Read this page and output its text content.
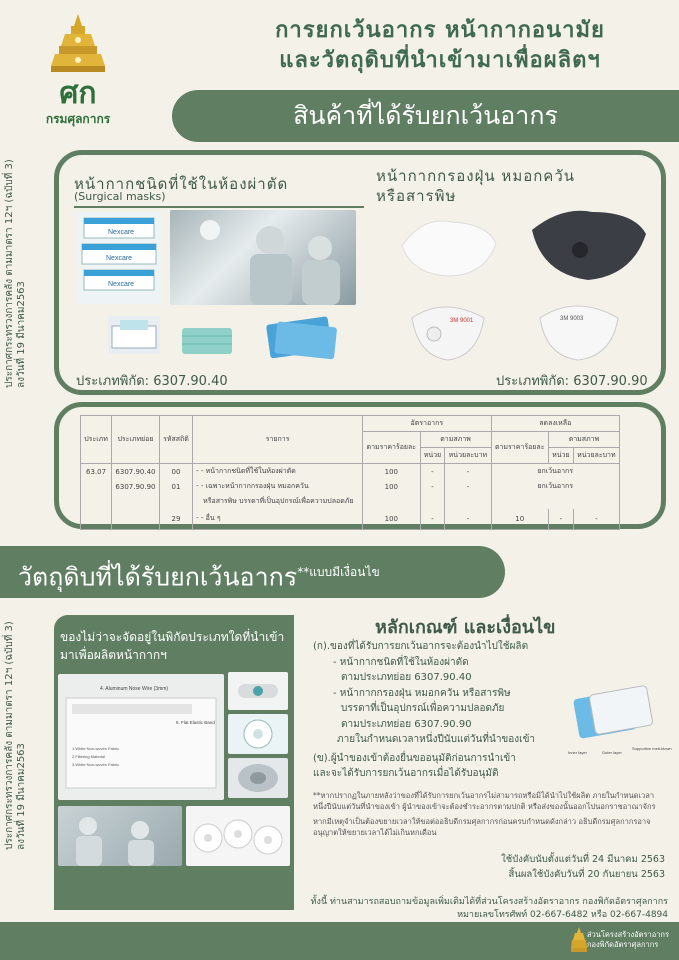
ศก
กรมศุลกากร
การยกเว้นอากร หน้ากากอนามัย
และวัตถุดิบที่นำเข้ามาเพื่อผลิตฯ
สินค้าที่ได้รับยกเว้นอากร
ประกาศกระทรวงการคลัง ตามมาตรา 12ฯ (ฉบับที่ 3) ลงวันที่ 19 มีนาคม2563
หน้ากากชนิดที่ใช้ในห้องผ่าตัด
(Surgical masks)
หน้ากากกรองฝุ่น หมอกควัน
หรือสารพิษ
Nexcare
Nexcare
Nexcare
ประเภทพิกัด: 6307.90.40
3M 9001	3M 9003
ประเภทพิกัด: 6307.90.90
ประเภท	ประเภทย่อย	รหัสสถิติ	รายการ	อัตราอากร			ลดลงเหลือ		
				ตามราคาร้อยละ	ตามสภาพ		ตามราคาร้อยละ	ตามสภาพ	
					หน่วย	หน่วยละบาท		หน่วย	หน่วยละบาท
63.07	6307.90.40	00	- - หน้ากากชนิดที่ใช้ในห้องผ่าตัด	100	-	-	ยกเว้นอากร		
	6307.90.90	01	- - เฉพาะหน้ากากกรองฝุ่น หมอกควัน	100	-	-	ยกเว้นอากร		
			หรือสารพิษ บรรดาที่เป็นอุปกรณ์เพื่อความปลอดภัย						
		29	- - อื่น ๆ	100	-	-	10	-	-
วัตถุดิบที่ได้รับยกเว้นอากร$^{**แบบมีเงื่อนไข}$
ประกาศกระทรวงการคลัง ตามมาตรา 12ฯ (ฉบับที่ 3) ลงวันที่ 19 มีนาคม2563
ของไม่ว่าจะจัดอยู่ในพิกัดประเภทใดที่นำเข้ามาเพื่อผลิตหน้ากากฯ
4. Aluminum Nose Wire (3mm)
5. Flat Elastic Band
1.White Non-woven Fabric
2.Filtering Material
3.White Non-woven Fabric
หลักเกณฑ์ และเงื่อนไข

(ก).ของที่ได้รับการยกเว้นอากรจะต้องนำไปใช้ผลิต

- หน้ากากชนิดที่ใช้ในห้องผ่าตัด

ตามประเภทย่อย 6307.90.40

- หน้ากากกรองฝุ่น หมอกควัน หรือสารพิษ

บรรดาที่เป็นอุปกรณ์เพื่อความปลอดภัย

ตามประเภทย่อย 6307.90.90

ภายในกำหนดเวลาหนึ่งปีนับแต่วันที่นำของเข้า

(ข).ผู้นำของเข้าต้องยื่นขออนุมัติก่อนการนำเข้า

และจะได้รับการยกเว้นอากรเมื่อได้รับอนุมัติ

Inner layer	Outer layer
Supportive melt-blown

**หากปรากฏในภายหลังว่าของที่ได้รับการยกเว้นอากรไม่สามารถหรือมิได้นำไปใช้ผลิต ภายในกำหนดเวลาหนึ่งปีนับแต่วันที่นำของเข้า ผู้นำของเข้าจะต้องชำระอากรตามปกติ หรือส่งของนั้นออกไปนอกราชอาณาจักร

หากมีเหตุจำเป็นต้องขยายเวลาให้ขอต่ออธิบดีกรมศุลกากรก่อนครบกำหนดดังกล่าว อธิบดีกรมศุลกากรอาจอนุญาตให้ขยายเวลาได้ไม่เกินหกเดือน

ใช้บังคับนับตั้งแต่วันที่ 24 มีนาคม 2563
สิ้นผลใช้บังคับวันที่ 20 กันยายน 2563
ทั้งนี้ ท่านสามารถสอบถามข้อมูลเพิ่มเติมได้ที่ส่วนโครงสร้างอัตราอากร กองพิกัดอัตราศุลกากร
หมายเลขโทรศัพท์ 02-667-6482 หรือ 02-667-4894
ส่วนโครงสร้างอัตราอากร
กองพิกัดอัตราศุลกากร
